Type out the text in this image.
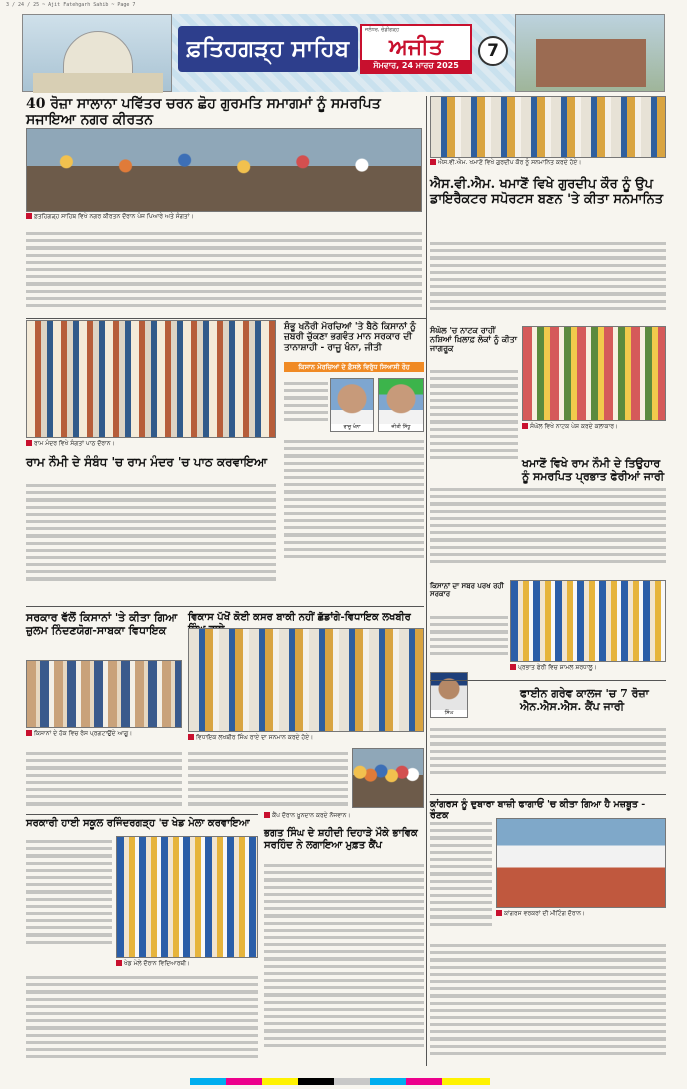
3 / 24 / 25 ~ Ajit Fatehgarh Sahib ~ Page 7
ਫ਼ਤਿਹਗੜ੍ਹ ਸਾਹਿਬ
ਜਲੰਧਰ, ਚੰਡੀਗੜ੍ਹ
ਅਜੀਤ
ਸੋਮਵਾਰ, 24 ਮਾਰਚ 2025
7
40 ਰੋਜ਼ਾ ਸਾਲਾਨਾ ਪਵਿੱਤਰ ਚਰਨ ਛੋਹ ਗੁਰਮਤਿ ਸਮਾਗਮਾਂ ਨੂੰ ਸਮਰਪਿਤ ਸਜਾਇਆ ਨਗਰ ਕੀਰਤਨ
ਫ਼ਤਹਿਗੜ੍ਹ ਸਾਹਿਬ ਵਿਖੇ ਨਗਰ ਕੀਰਤਨ ਦੌਰਾਨ ਪੰਜ ਪਿਆਰੇ ਅਤੇ ਸੰਗਤਾਂ।
ਐਸ.ਵੀ.ਐਮ. ਖਮਾਣੋਂ ਵਿਖੇ ਗੁਰਦੀਪ ਕੌਰ ਨੂੰ ਸਨਮਾਨਿਤ ਕਰਦੇ ਹੋਏ।
ਐਸ.ਵੀ.ਐਮ. ਖਮਾਣੋਂ ਵਿਖੇ ਗੁਰਦੀਪ ਕੌਰ ਨੂੰ ਉਪ ਡਾਇਰੈਕਟਰ ਸਪੋਰਟਸ ਬਣਨ 'ਤੇ ਕੀਤਾ ਸਨਮਾਨਿਤ
ਰਾਮ ਮੰਦਰ ਵਿਖੇ ਸੰਗਤਾਂ ਪਾਠ ਦੌਰਾਨ।
ਰਾਮ ਨੌਮੀ ਦੇ ਸੰਬੰਧ 'ਚ ਰਾਮ ਮੰਦਰ 'ਚ ਪਾਠ ਕਰਵਾਇਆ
ਸ਼ੰਭੂ ਖਨੌਰੀ ਮੋਰਚਿਆਂ 'ਤੇ ਬੈਠੇ ਕਿਸਾਨਾਂ ਨੂੰ ਜ਼ਬਰੀ ਚੁੱਕਣਾ ਭਗਵੰਤ ਮਾਨ ਸਰਕਾਰ ਦੀ ਤਾਨਾਸ਼ਾਹੀ - ਰਾਜੂ ਖੰਨਾ, ਜੀਤੀ
ਕਿਸਾਨ ਮੋਰਚਿਆਂ ਦੇ ਫ਼ੈਸਲੇ ਵਿਰੁੱਧ ਸਿਆਸੀ ਰੋਹ
ਰਾਜੂ ਖੰਨਾ	ਜੀਤੀ ਸਿੱਧੂ
ਸੰਘੋਲ 'ਚ ਨਾਟਕ ਰਾਹੀਂ ਨਸ਼ਿਆਂ ਖ਼ਿਲਾਫ਼ ਲੋਕਾਂ ਨੂੰ ਕੀਤਾ ਜਾਗਰੂਕ
ਸੰਘੋਲ ਵਿਖੇ ਨਾਟਕ ਪੇਸ਼ ਕਰਦੇ ਕਲਾਕਾਰ।
ਖਮਾਣੋਂ ਵਿਖੇ ਰਾਮ ਨੌਮੀ ਦੇ ਤਿਉਹਾਰ ਨੂੰ ਸਮਰਪਿਤ ਪ੍ਰਭਾਤ ਫੇਰੀਆਂ ਜਾਰੀ
ਪ੍ਰਭਾਤ ਫੇਰੀ ਵਿਚ ਸ਼ਾਮਲ ਸ਼ਰਧਾਲੂ।
ਕਿਸਾਨਾਂ ਦਾ ਸਬਰ ਪਰਖ ਰਹੀ ਸਰਕਾਰ
ਸਿੰਘ
ਫਾਈਨ ਗਰੇਵ ਕਾਲਜ 'ਚ 7 ਰੋਜ਼ਾ ਐਨ.ਐਸ.ਐਸ. ਕੈਂਪ ਜਾਰੀ
ਸਰਕਾਰ ਵੱਲੋਂ ਕਿਸਾਨਾਂ 'ਤੇ ਕੀਤਾ ਗਿਆ ਜ਼ੁਲਮ ਨਿੰਦਣਯੋਗ-ਸਾਬਕਾ ਵਿਧਾਇਕ
ਕਿਸਾਨਾਂ ਦੇ ਹੱਕ ਵਿਚ ਰੋਸ ਪ੍ਰਗਟਾਉਂਦੇ ਆਗੂ।
ਵਿਕਾਸ ਪੱਖੋਂ ਕੋਈ ਕਸਰ ਬਾਕੀ ਨਹੀਂ ਛੱਡਾਂਗੇ-ਵਿਧਾਇਕ ਲਖਬੀਰ
ਵਿਧਾਇਕ ਲਖਬੀਰ ਸਿੰਘ ਰਾਏ ਦਾ ਸਨਮਾਨ ਕਰਦੇ ਹੋਏ।
ਕੈਂਪ ਦੌਰਾਨ ਖ਼ੂਨਦਾਨ ਕਰਦੇ ਨੌਜਵਾਨ।
ਸਰਕਾਰੀ ਹਾਈ ਸਕੂਲ ਰਜਿੰਦਰਗੜ੍ਹ 'ਚ ਖੇਡ ਮੇਲਾ ਕਰਵਾਇਆ
ਖੇਡ ਮੇਲੇ ਦੌਰਾਨ ਵਿਦਿਆਰਥੀ।
ਭਗਤ ਸਿੰਘ ਦੇ ਸ਼ਹੀਦੀ ਦਿਹਾੜੇ ਮੌਕੇ ਭਾਵਿਕ ਸਰਹਿੰਦ ਨੇ ਲਗਾਇਆ ਮੁਫ਼ਤ ਕੈਂਪ
ਕਾਂਗਰਸ ਨੂੰ ਦੁਬਾਰਾ ਬਾਜ਼ੀ ਫਾਗਾਓਂ 'ਚ ਕੀਤਾ ਗਿਆ ਹੈ ਮਜ਼ਬੂਤ - ਰੌਣਕ
ਕਾਂਗਰਸ ਵਰਕਰਾਂ ਦੀ ਮੀਟਿੰਗ ਦੌਰਾਨ।
